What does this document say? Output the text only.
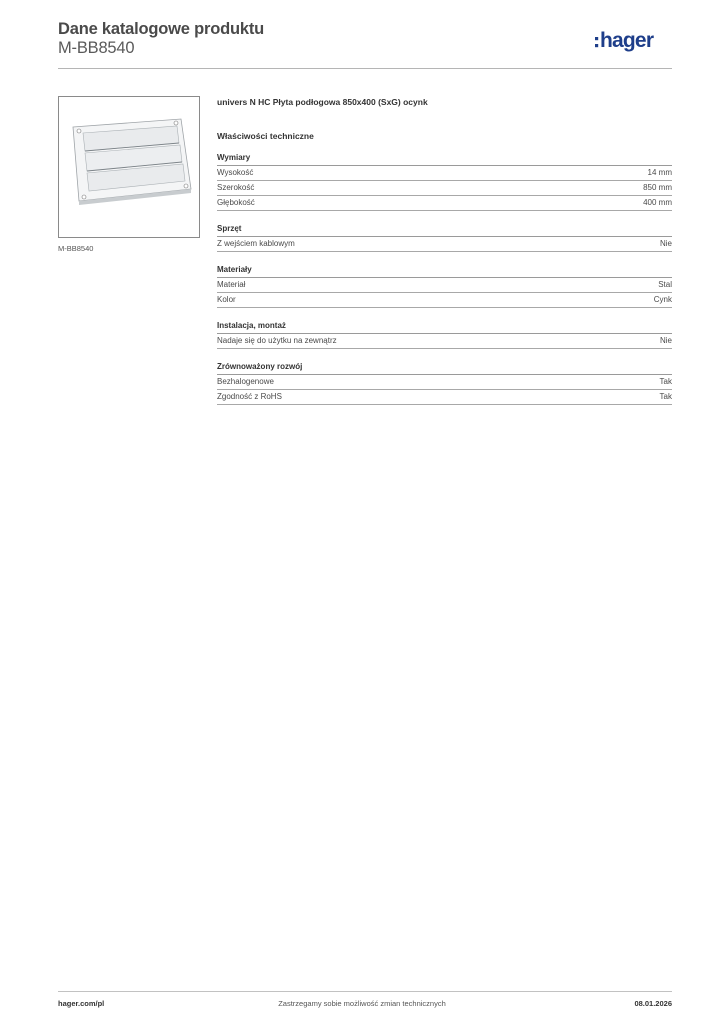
Dane katalogowe produktu
M-BB8540	hager
M-BB8540
univers N HC Płyta podłogowa 850x400 (SxG) ocynk
Właściwości techniczne
Wymiary
Wysokość	14 mm
Szerokość	850 mm
Głębokość	400 mm
Sprzęt
Z wejściem kablowym	Nie
Materiały
Materiał	Stal
Kolor	Cynk
Instalacja, montaż
Nadaje się do użytku na zewnątrz	Nie
Zrównoważony rozwój
Bezhalogenowe	Tak
Zgodność z RoHS	Tak
hager.com/pl	Zastrzegamy sobie możliwość zmian technicznych	08.01.2026
